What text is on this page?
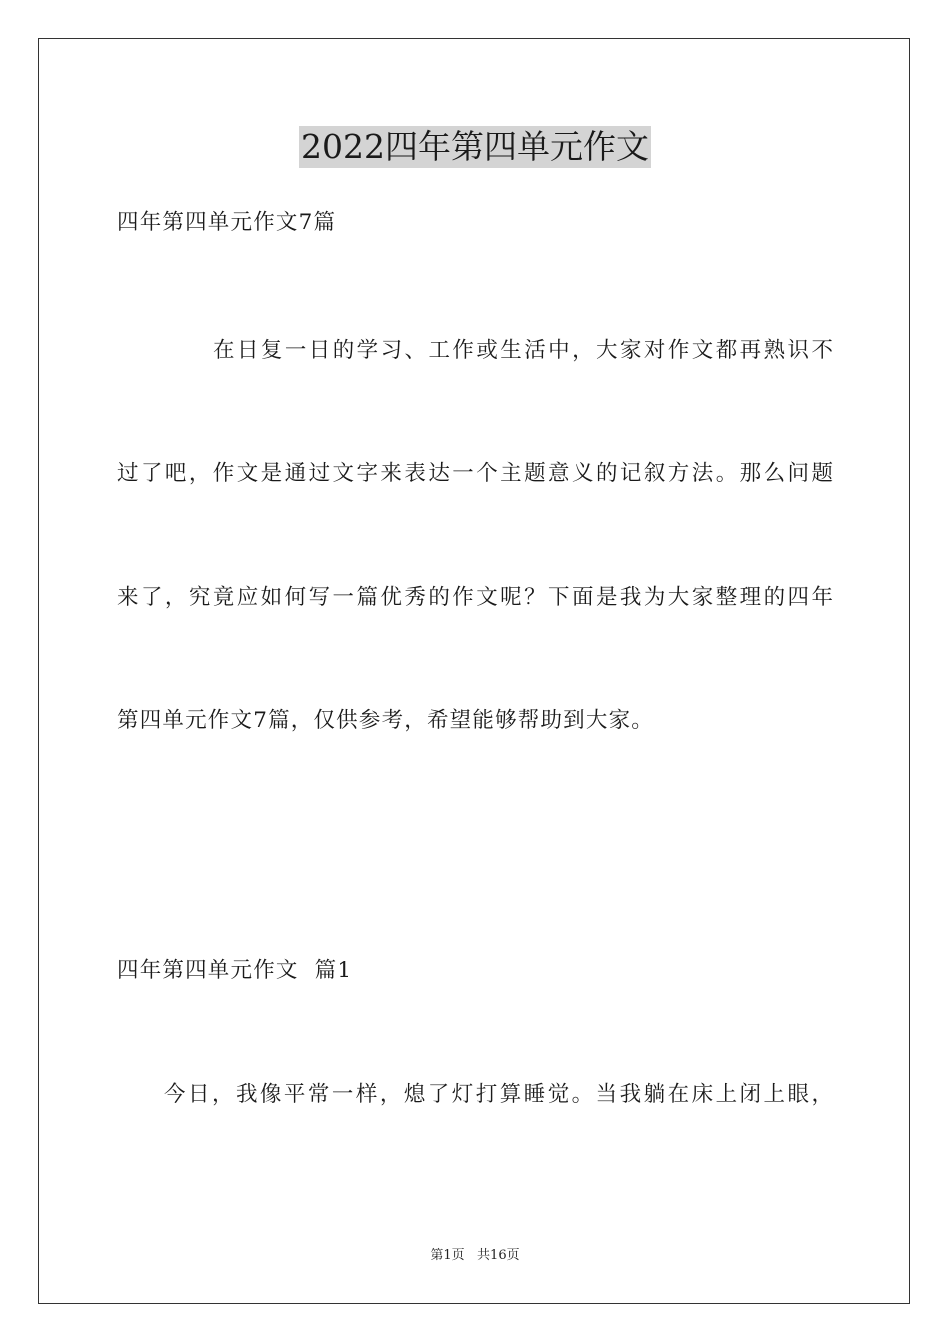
2022四年第四单元作文
四年第四单元作文7篇
在日复一日的学习、工作或生活中，大家对作文都再熟识不
过了吧，作文是通过文字来表达一个主题意义的记叙方法。那么问题
来了，究竟应如何写一篇优秀的作文呢？下面是我为大家整理的四年
第四单元作文7篇，仅供参考，希望能够帮助到大家。
四年第四单元作文  篇1
今日，我像平常一样，熄了灯打算睡觉。当我躺在床上闭上眼，
第1页   共16页
